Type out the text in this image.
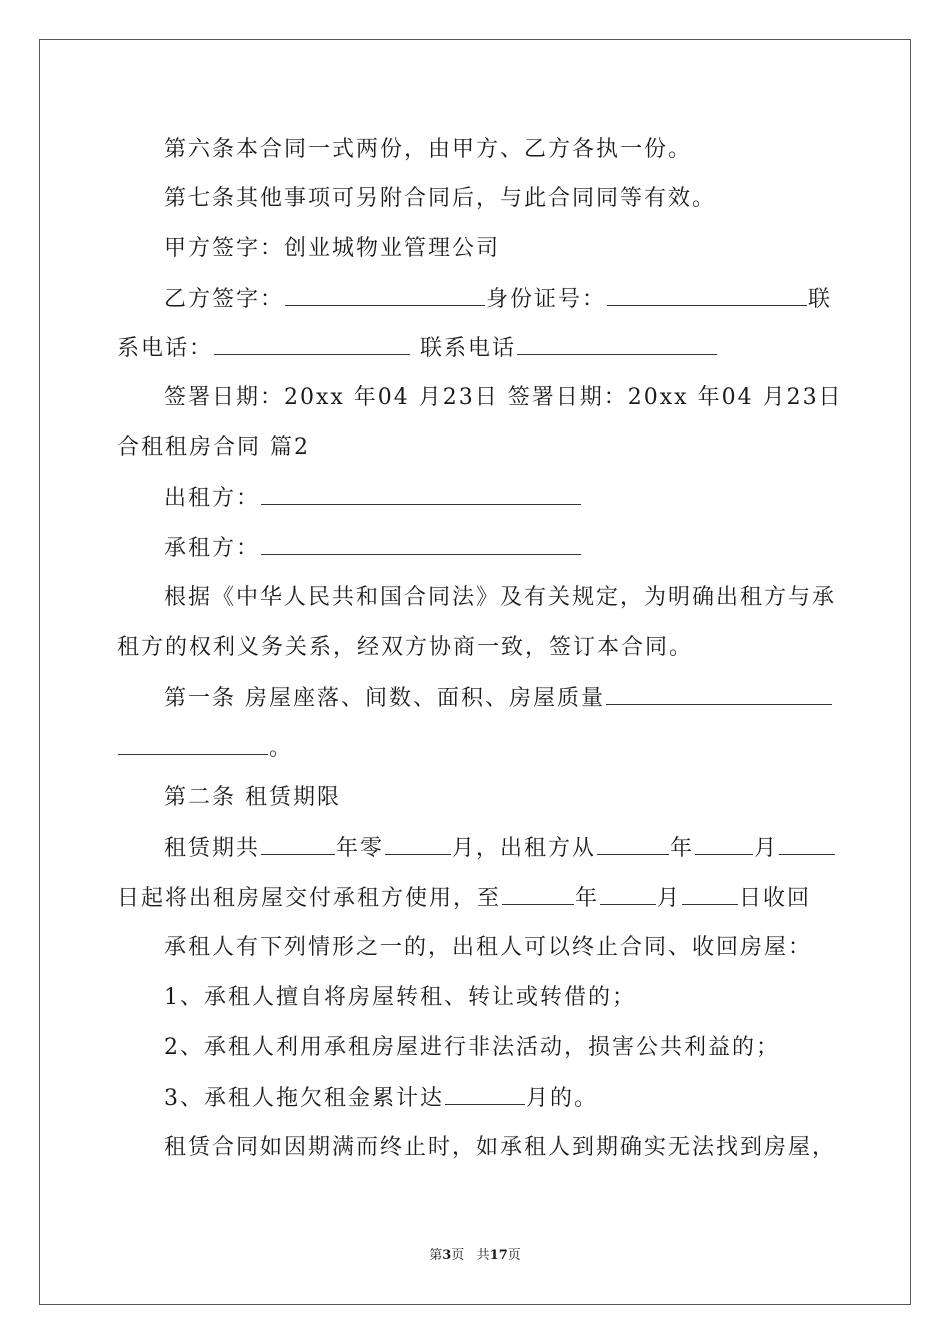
第六条本合同一式两份，由甲方、乙方各执一份。
第七条其他事项可另附合同后，与此合同同等有效。
甲方签字：创业城物业管理公司
乙方签字：	身份证号：	联
系电话：	联系电话
签署日期：20xx 年04 月23日 签署日期：20xx 年04 月23日
合租租房合同 篇2
出租方：
承租方：
根据《中华人民共和国合同法》及有关规定，为明确出租方与承
租方的权利义务关系，经双方协商一致，签订本合同。
第一条 房屋座落、间数、面积、房屋质量
。
第二条 租赁期限
租赁期共	年零	月，出租方从	年	月
日起将出租房屋交付承租方使用，至	年	月	日收回
承租人有下列情形之一的，出租人可以终止合同、收回房屋：
1、承租人擅自将房屋转租、转让或转借的；
2、承租人利用承租房屋进行非法活动，损害公共利益的；
3、承租人拖欠租金累计达	月的。
租赁合同如因期满而终止时，如承租人到期确实无法找到房屋，
第3页 共17页
